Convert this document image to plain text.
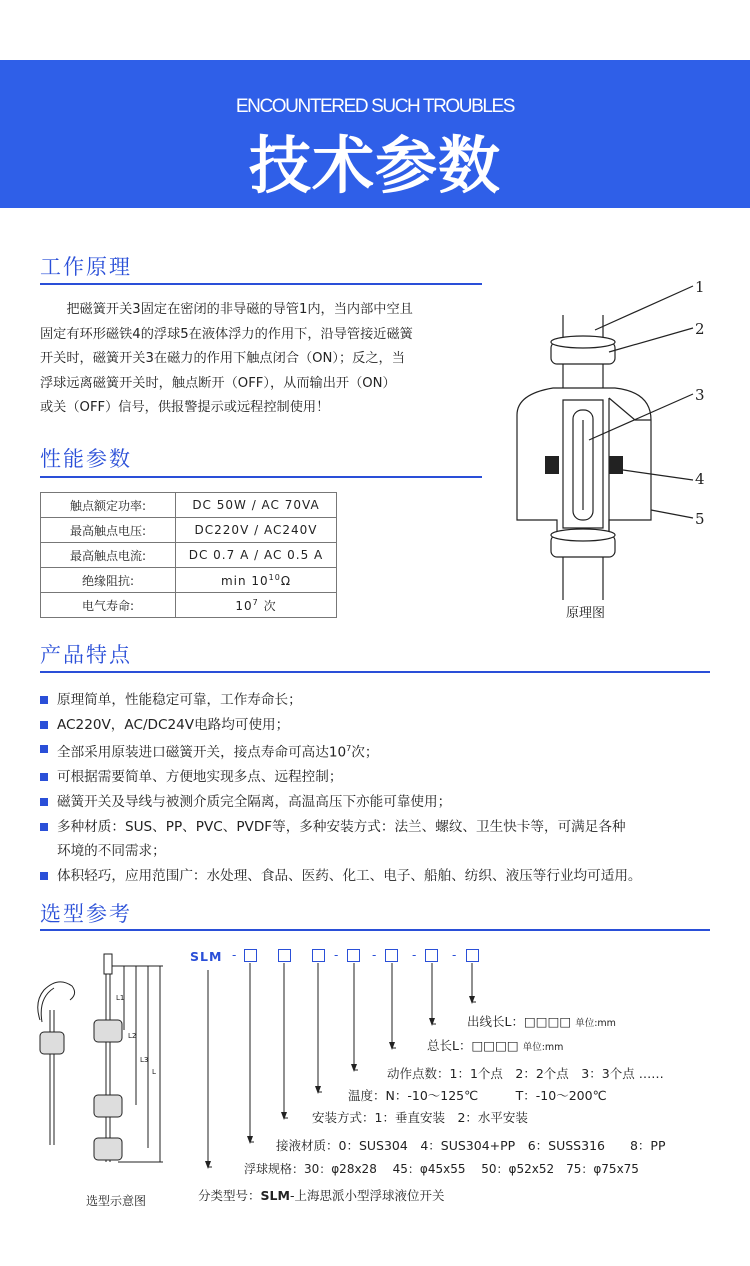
ENCOUNTERED SUCH TROUBLES
技术参数
工作原理
　　把磁簧开关3固定在密闭的非导磁的导管1内，当内部中空且
固定有环形磁铁4的浮球5在液体浮力的作用下，沿导管接近磁簧
开关时，磁簧开关3在磁力的作用下触点闭合（ON）；反之，当
浮球远离磁簧开关时，触点断开（OFF），从而输出开（ON）
或关（OFF）信号，供报警提示或远程控制使用！
1
2
3
4
5
原理图
性能参数
触点额定功率:	DC 50W / AC 70VA
最高触点电压:	DC220V / AC240V
最高触点电流:	DC 0.7 A / AC 0.5 A
绝缘阻抗:	$\min 10^{10}\Omega$
电气寿命:	$10^7$ 次
产品特点
原理简单，性能稳定可靠，工作寿命长；
AC220V，AC/DC24V电路均可使用；
全部采用原装进口磁簧开关，接点寿命可高达$10^7$次；
可根据需要简单、方便地实现多点、远程控制；
磁簧开关及导线与被测介质完全隔离，高温高压下亦能可靠使用；
多种材质：SUS、PP、PVC、PVDF等，多种安装方式：法兰、螺纹、卫生快卡等，可满足各种
环境的不同需求；
体积轻巧，应用范围广：水处理、食品、医药、化工、电子、船舶、纺织、液压等行业均可适用。
选型参考
L1
L2
L3
L
选型示意图
SLM -	-	-	-	-
出线长L：□□□□ 单位:mm
总长L：□□□□ 单位:mm
动作点数：1：1个点　2：2个点　3：3个点 ……
温度：N：-10～125℃　　　T：-10～200℃
安装方式：1：垂直安装　2：水平安装
接液材质：0：SUS304　4：SUS304+PP　6：SUSS316　　8：PP
浮球规格：30：φ28x28　 45：φ45x55　 50：φ52x52　75：φ75x75
分类型号：SLM-上海思派小型浮球液位开关
